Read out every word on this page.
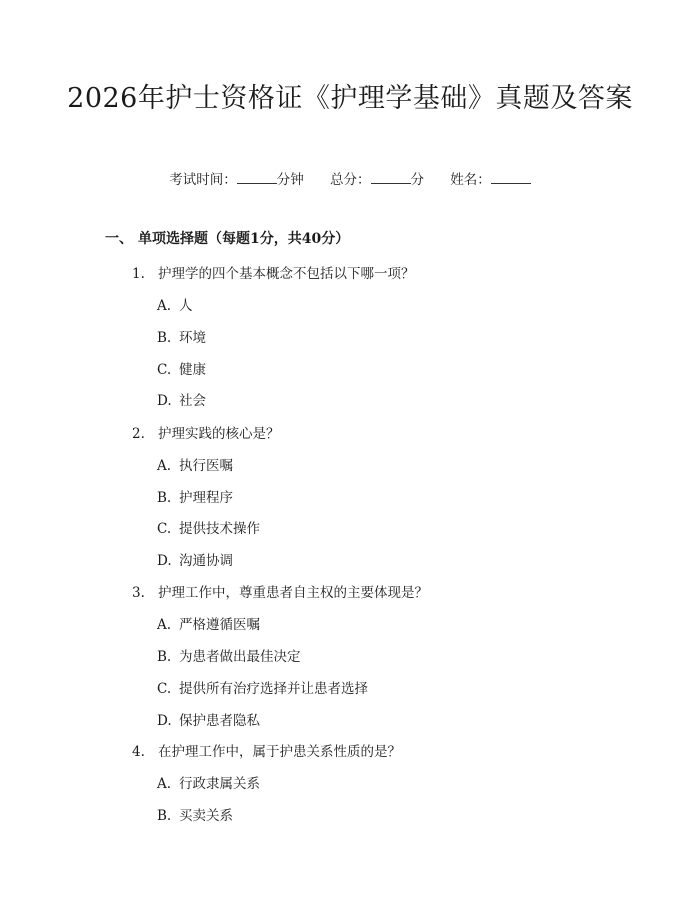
2026年护士资格证《护理学基础》真题及答案
考试时间：	分钟 总分：	分 姓名：
一、 单项选择题（每题1分，共40分）
1. 护理学的四个基本概念不包括以下哪一项？
A. 人
B. 环境
C. 健康
D. 社会
2. 护理实践的核心是？
A. 执行医嘱
B. 护理程序
C. 提供技术操作
D. 沟通协调
3. 护理工作中，尊重患者自主权的主要体现是？
A. 严格遵循医嘱
B. 为患者做出最佳决定
C. 提供所有治疗选择并让患者选择
D. 保护患者隐私
4. 在护理工作中，属于护患关系性质的是？
A. 行政隶属关系
B. 买卖关系
